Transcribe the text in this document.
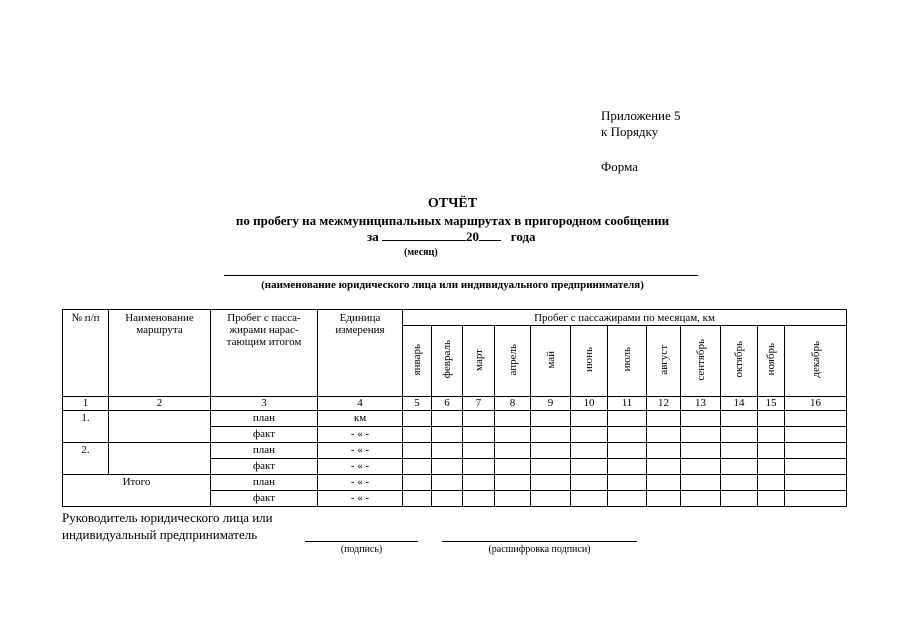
Приложение 5
к Порядку
Форма
ОТЧЁТ
по пробегу на межмуниципальных маршрутах в пригородном сообщении
за	20 года
(месяц)
(наименование юридического лица или индивидуального предпринимателя)
№ п/п	Наименование маршрута	Пробег с пасса-жирами нарас-тающим итогом	Единица измерения	Пробег с пассажирами по месяцам, км											

				январь	февраль	март	апрель	май	июнь	июль	август	сентябрь	октябрь	ноябрь	декабрь
1	2	3	4	5	6	7	8	9	10	11	12	13	14	15	16
1.		план	км												
		факт	- « -												
2.		план	- « -												
		факт	- « -												
Итого		план	- « -												
		факт	- « -												
Руководитель юридического лица или
индивидуальный предприниматель
(подпись)	(расшифровка подписи)
